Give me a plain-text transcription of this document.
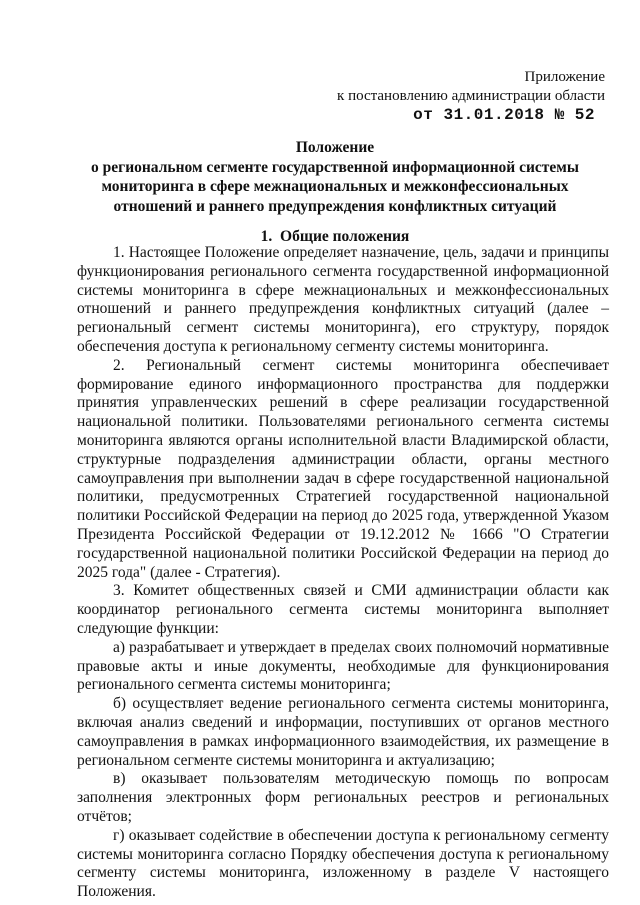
Приложение
к постановлению администрации области
от 31.01.2018 № 52
Положение
о региональном сегменте государственной информационной системы
мониторинга в сфере межнациональных и межконфессиональных
отношений и раннего предупреждения конфликтных ситуаций
1. Общие положения

1. Настоящее Положение определяет назначение, цель, задачи и принципы функционирования регионального сегмента государственной информационной системы мониторинга в сфере межнациональных и межконфессиональных отношений и раннего предупреждения конфликтных ситуаций (далее – региональный сегмент системы мониторинга), его структуру, порядок обеспечения доступа к региональному сегменту системы мониторинга.

2. Региональный сегмент системы мониторинга обеспечивает формирование единого информационного пространства для поддержки принятия управленческих решений в сфере реализации государственной национальной политики. Пользователями регионального сегмента системы мониторинга являются органы исполнительной власти Владимирской области, структурные подразделения администрации области, органы местного самоуправления при выполнении задач в сфере государственной национальной политики, предусмотренных Стратегией государственной национальной политики Российской Федерации на период до 2025 года, утвержденной Указом Президента Российской Федерации от 19.12.2012 № 1666 "О Стратегии государственной национальной политики Российской Федерации на период до 2025 года" (далее - Стратегия).

3. Комитет общественных связей и СМИ администрации области как координатор регионального сегмента системы мониторинга выполняет следующие функции:

а) разрабатывает и утверждает в пределах своих полномочий нормативные правовые акты и иные документы, необходимые для функционирования регионального сегмента системы мониторинга;

б) осуществляет ведение регионального сегмента системы мониторинга, включая анализ сведений и информации, поступивших от органов местного самоуправления в рамках информационного взаимодействия, их размещение в региональном сегменте системы мониторинга и актуализацию;

в) оказывает пользователям методическую помощь по вопросам заполнения электронных форм региональных реестров и региональных отчётов;

г) оказывает содействие в обеспечении доступа к региональному сегменту системы мониторинга согласно Порядку обеспечения доступа к региональному сегменту системы мониторинга, изложенному в разделе V настоящего Положения.
